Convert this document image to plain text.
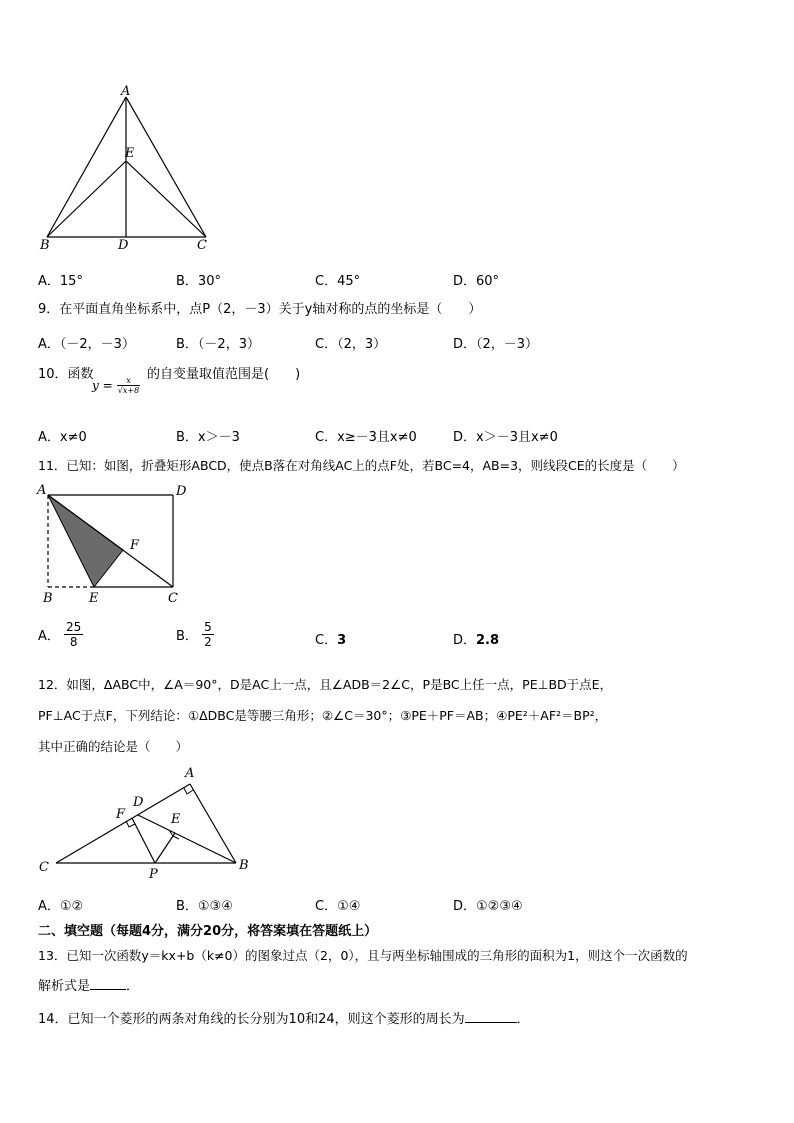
A
E
B	D	C
A．15°	B．30°	C．45°	D．60°
9．在平面直角坐标系中，点P（2，－3）关于y轴对称的点的坐标是（　　）
A．（－2，－3）	B．（－2，3）	C．（2，3）	D．（2，－3）
10．函数
$y = \frac{x}{√x+8}$
的自变量取值范围是(　　)
A．x≠0	B．x＞－3	C．x≥－3且x≠0	D．x＞－3且x≠0
11．已知：如图，折叠矩形ABCD，使点B落在对角线AC上的点F处，若BC=4，AB=3，则线段CE的长度是（　　）
A	D
F
B	E	C
A． $\frac{25}{8}$	B． $\frac{5}{2}$	C．3	D．2.8
12．如图，ΔABC中，∠A＝90°，D是AC上一点，且∠ADB＝2∠C，P是BC上任一点，PE⊥BD于点E，
PF⊥AC于点F，下列结论：①ΔDBC是等腰三角形；②∠C＝30°；③PE＋PF＝AB；④PE²＋AF²＝BP²，
其中正确的结论是（　　）
A
D
F	E
C	P
B
A．①②	B．①③④	C．①④	D．①②③④
二、填空题（每题4分，满分20分，将答案填在答题纸上）
13．已知一次函数y＝kx+b（k≠0）的图象过点（2，0），且与两坐标轴围成的三角形的面积为1，则这个一次函数的
解析式是	．
14．已知一个菱形的两条对角线的长分别为10和24，则这个菱形的周长为	．
